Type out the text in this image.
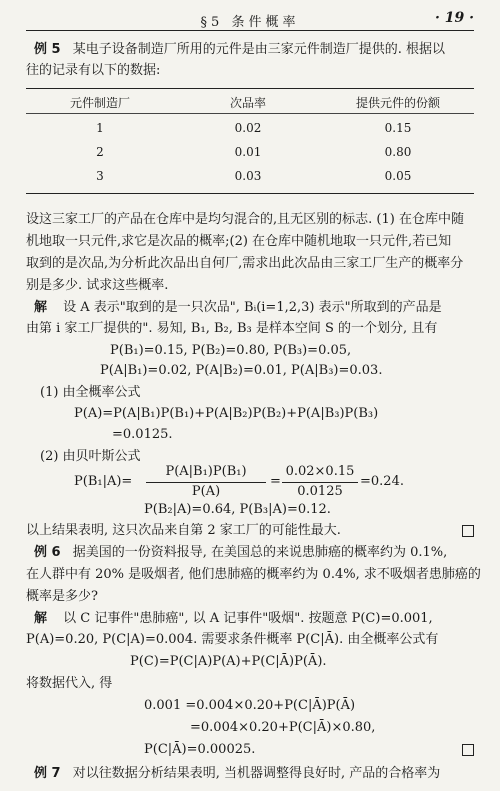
§5 条件概率	· 19 ·
例 5 某电子设备制造厂所用的元件是由三家元件制造厂提供的. 根据以
往的记录有以下的数据:
元件制造厂	次品率	提供元件的份额
1	0.02	0.15
2	0.01	0.80
3	0.03	0.05
设这三家工厂的产品在仓库中是均匀混合的,且无区别的标志. (1) 在仓库中随
机地取一只元件,求它是次品的概率;(2) 在仓库中随机地取一只元件,若已知
取到的是次品,为分析此次品出自何厂,需求出此次品由三家工厂生产的概率分
别是多少. 试求这些概率.
解 设 A 表示"取到的是一只次品", Bᵢ(i=1,2,3) 表示"所取到的产品是
由第 i 家工厂提供的". 易知, B₁, B₂, B₃ 是样本空间 S 的一个划分, 且有
P(B₁)=0.15, P(B₂)=0.80, P(B₃)=0.05,
P(A|B₁)=0.02, P(A|B₂)=0.01, P(A|B₃)=0.03.
(1) 由全概率公式
P(A)=P(A|B₁)P(B₁)+P(A|B₂)P(B₂)+P(A|B₃)P(B₃)
=0.0125.
(2) 由贝叶斯公式
P(B₁|A)=
P(A|B₁)P(B₁)
P(A)
=
0.02×0.15
0.0125
=0.24.
P(B₂|A)=0.64, P(B₃|A)=0.12.
以上结果表明, 这只次品来自第 2 家工厂的可能性最大.
例 6 据美国的一份资料报导, 在美国总的来说患肺癌的概率约为 0.1%,
在人群中有 20% 是吸烟者, 他们患肺癌的概率约为 0.4%, 求不吸烟者患肺癌的
概率是多少?
解 以 C 记事件"患肺癌", 以 A 记事件"吸烟". 按题意 P(C)=0.001,
P(A)=0.20, P(C|A)=0.004. 需要求条件概率 P(C|Ā). 由全概率公式有
P(C)=P(C|A)P(A)+P(C|Ā)P(Ā).
将数据代入, 得
0.001 =0.004×0.20+P(C|Ā)P(Ā)
=0.004×0.20+P(C|Ā)×0.80,
P(C|Ā)=0.00025.
例 7 对以往数据分析结果表明, 当机器调整得良好时, 产品的合格率为
